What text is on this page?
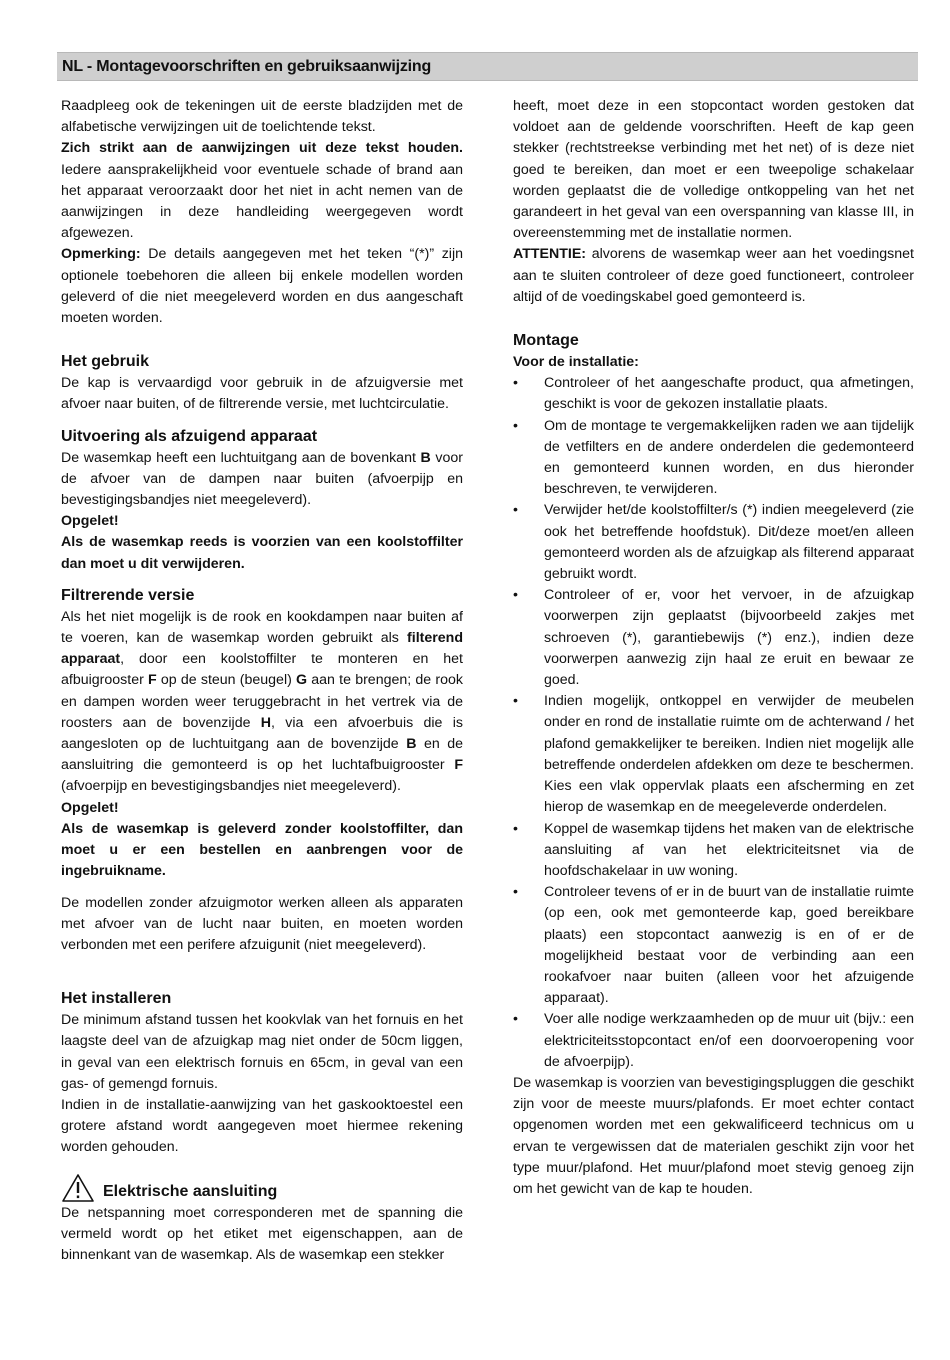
NL - Montagevoorschriften en gebruiksaanwijzing

Raadpleeg ook de tekeningen uit de eerste bladzijden met de alfabetische verwijzingen uit de toelichtende tekst.
Zich strikt aan de aanwijzingen uit deze tekst houden. Iedere aansprakelijkheid voor eventuele schade of brand aan het apparaat veroorzaakt door het niet in acht nemen van de aanwijzingen in deze handleiding weergegeven wordt afgewezen.

Opmerking: De details aangegeven met het teken “(*)” zijn optionele toebehoren die alleen bij enkele modellen worden geleverd of die niet meegeleverd worden en dus aangeschaft moeten worden.

Het gebruik

De kap is vervaardigd voor gebruik in de afzuigversie met afvoer naar buiten, of de filtrerende versie, met luchtcirculatie.

Uitvoering als afzuigend apparaat

De wasemkap heeft een luchtuitgang aan de bovenkant B voor de afvoer van de dampen naar buiten (afvoerpijp en bevestigingsbandjes niet meegeleverd).

Opgelet!

Als de wasemkap reeds is voorzien van een koolstoffilter dan moet u dit verwijderen.

Filtrerende versie

Als het niet mogelijk is de rook en kookdampen naar buiten af te voeren, kan de wasemkap worden gebruikt als filterend apparaat, door een koolstoffilter te monteren en het afbuigrooster F op de steun (beugel) G aan te brengen; de rook en dampen worden weer teruggebracht in het vertrek via de roosters aan de bovenzijde H, via een afvoerbuis die is aangesloten op de luchtuitgang aan de bovenzijde B en de aansluitring die gemonteerd is op het luchtafbuigrooster F (afvoerpijp en bevestigingsbandjes niet meegeleverd).

Opgelet!

Als de wasemkap is geleverd zonder koolstoffilter, dan moet u er een bestellen en aanbrengen voor de ingebruikname.

De modellen zonder afzuigmotor werken alleen als apparaten met afvoer van de lucht naar buiten, en moeten worden verbonden met een perifere afzuigunit (niet meegeleverd).

Het installeren

De minimum afstand tussen het kookvlak van het fornuis en het laagste deel van de afzuigkap mag niet onder de 50cm liggen, in geval van een elektrisch fornuis en 65cm, in geval van een gas- of gemengd fornuis.

Indien in de installatie-aanwijzing van het gaskooktoestel een grotere afstand wordt aangegeven moet hiermee rekening worden gehouden.

Elektrische aansluiting

De netspanning moet corresponderen met de spanning die vermeld wordt op het etiket met eigenschappen, aan de binnenkant van de wasemkap. Als de wasemkap een stekker

heeft, moet deze in een stopcontact worden gestoken dat voldoet aan de geldende voorschriften. Heeft de kap geen stekker (rechtstreekse verbinding met het net) of is deze niet goed te bereiken, dan moet er een tweepolige schakelaar worden geplaatst die de volledige ontkoppeling van het net garandeert in het geval van een overspanning van klasse III, in overeenstemming met de installatie normen.

ATTENTIE: alvorens de wasemkap weer aan het voedingsnet aan te sluiten controleer of deze goed functioneert, controleer altijd of de voedingskabel goed gemonteerd is.

Montage

Voor de installatie:

• Controleer of het aangeschafte product, qua afmetingen, geschikt is voor de gekozen installatie plaats.
• Om de montage te vergemakkelijken raden we aan tijdelijk de vetfilters en de andere onderdelen die gedemonteerd en gemonteerd kunnen worden, en dus hieronder beschreven, te verwijderen.
• Verwijder het/de koolstoffilter/s (*) indien meegeleverd (zie ook het betreffende hoofdstuk). Dit/deze moet/en alleen gemonteerd worden als de afzuigkap als filterend apparaat gebruikt wordt.
• Controleer of er, voor het vervoer, in de afzuigkap voorwerpen zijn geplaatst (bijvoorbeeld zakjes met schroeven (*), garantiebewijs (*) enz.), indien deze voorwerpen aanwezig zijn haal ze eruit en bewaar ze goed.
• Indien mogelijk, ontkoppel en verwijder de meubelen onder en rond de installatie ruimte om de achterwand / het plafond gemakkelijker te bereiken. Indien niet mogelijk alle betreffende onderdelen afdekken om deze te beschermen. Kies een vlak oppervlak plaats een afscherming en zet hierop de wasemkap en de meegeleverde onderdelen.
• Koppel de wasemkap tijdens het maken van de elektrische aansluiting af van het elektriciteitsnet via de hoofdschakelaar in uw woning.
• Controleer tevens of er in de buurt van de installatie ruimte (op een, ook met gemonteerde kap, goed bereikbare plaats) een stopcontact aanwezig is en of er de mogelijkheid bestaat voor de verbinding aan een rookafvoer naar buiten (alleen voor het afzuigende apparaat).
• Voer alle nodige werkzaamheden op de muur uit (bijv.: een elektriciteitsstopcontact en/of een doorvoeropening voor de afvoerpijp).

De wasemkap is voorzien van bevestigingspluggen die geschikt zijn voor de meeste muurs/plafonds. Er moet echter contact opgenomen worden met een gekwalificeerd technicus om u ervan te vergewissen dat de materialen geschikt zijn voor het type muur/plafond. Het muur/plafond moet stevig genoeg zijn om het gewicht van de kap te houden.
